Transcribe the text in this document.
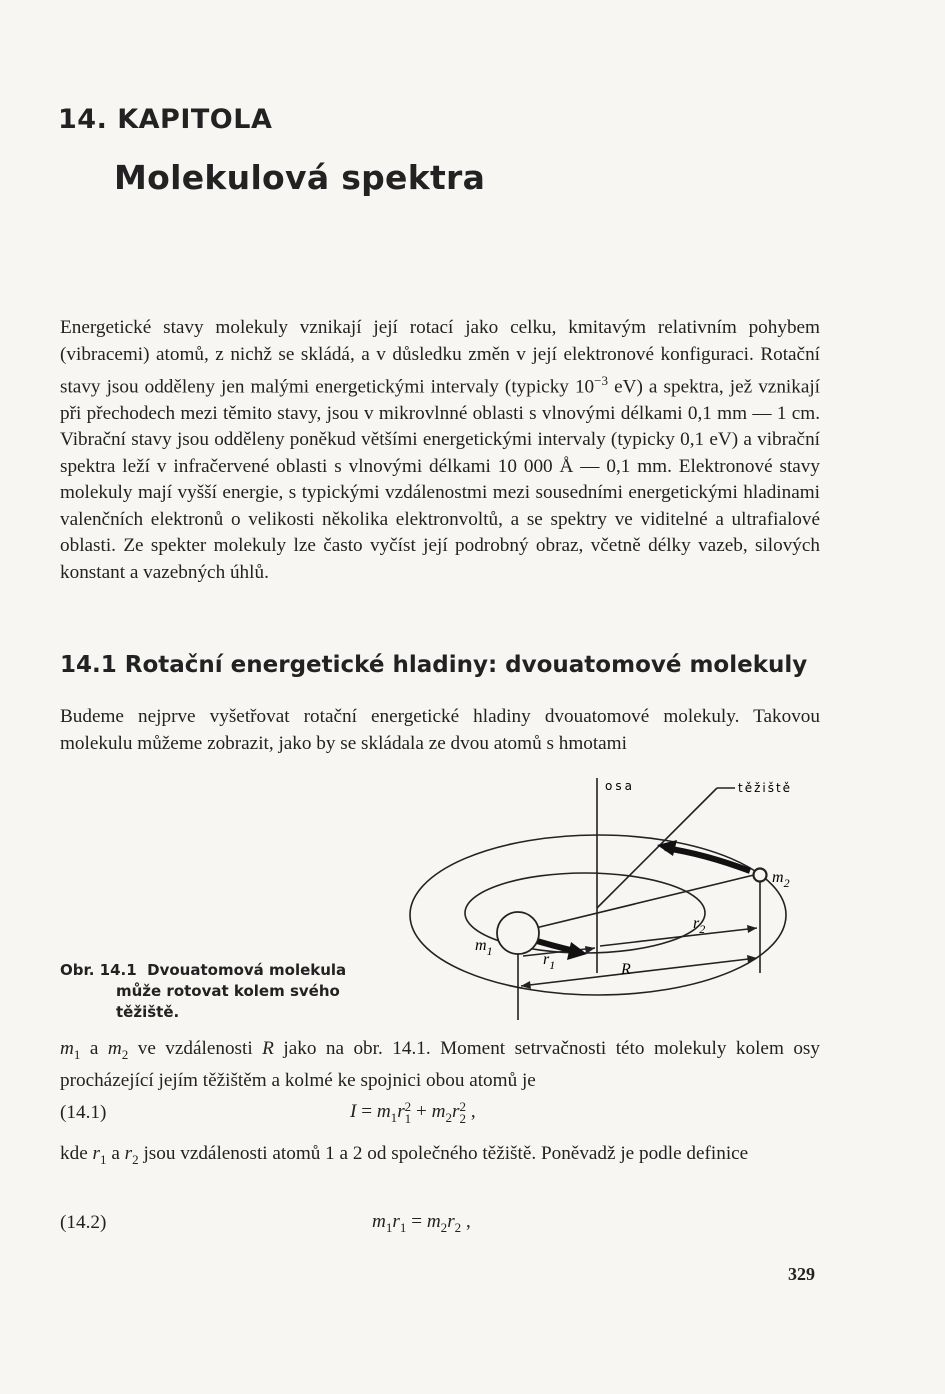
14. KAPITOLA
Molekulová spektra

Energetické stavy molekuly vznikají její rotací jako celku, kmitavým relativním pohybem (vibracemi) atomů, z nichž se skládá, a v důsledku změn v její elektronové konfiguraci. Rotační stavy jsou odděleny jen malými energetickými intervaly (typicky $10^{-3}$ eV) a spektra, jež vznikají při přechodech mezi těmito stavy, jsou v mikrovlnné oblasti s vlnovými délkami 0,1 mm — 1 cm. Vibrační stavy jsou odděleny poněkud většími energetickými intervaly (typicky 0,1 eV) a vibrační spektra leží v infračervené oblasti s vlnovými délkami 10 000 Å — 0,1 mm. Elektronové stavy molekuly mají vyšší energie, s typickými vzdálenostmi mezi sousedními energetickými hladinami valenčních elektronů o velikosti několika elektronvoltů, a se spektry ve viditelné a ultrafialové oblasti. Ze spekter molekuly lze často vyčíst její podrobný obraz, včetně délky vazeb, silových konstant a vazebných úhlů.

14.1 Rotační energetické hladiny: dvouatomové molekuly

Budeme nejprve vyšetřovat rotační energetické hladiny dvouatomové molekuly. Takovou molekulu můžeme zobrazit, jako by se skládala ze dvou atomů s hmotami

osa	těžiště
$m_2$
$m_1$
$r_2$
$r_1$	R
Obr. 14.1 Dvouatomová molekula může rotovat kolem svého těžiště.

$m_1$ a $m_2$ ve vzdálenosti R jako na obr. 14.1. Moment setrvačnosti této molekuly kolem osy procházející jejím těžištěm a kolmé ke spojnici obou atomů je

(14.1)	$I = m_1r$ 2
$1 + m_2r$ 2
2 ,

kde $r_1$ a $r_2$ jsou vzdálenosti atomů 1 a 2 od společného těžiště. Poněvadž je podle definice

(14.2)	$m_1r_1 = m_2r_2$ ,
329
